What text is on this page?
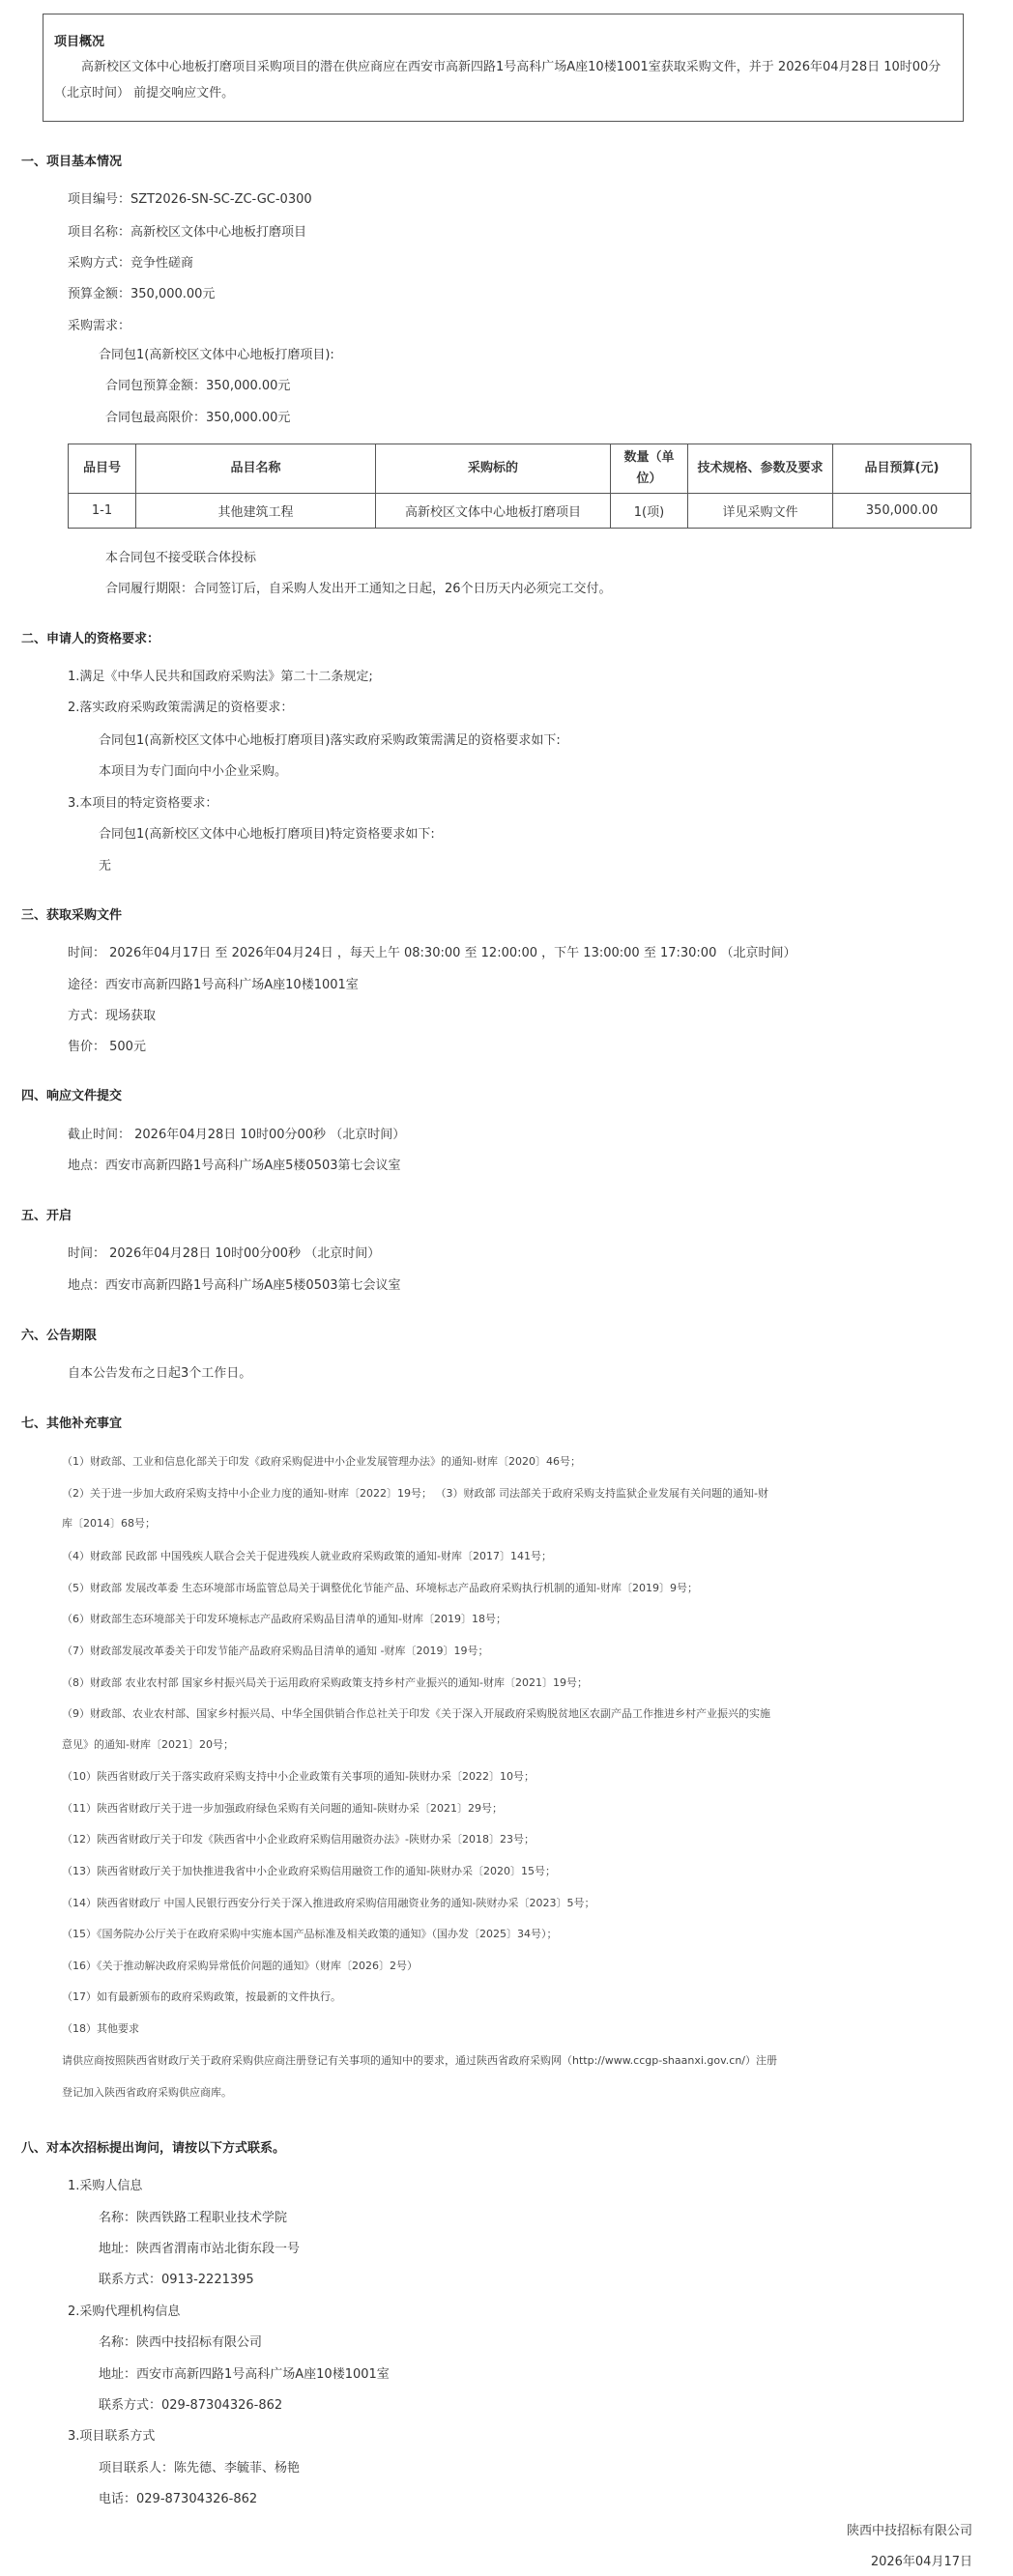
项目概况
高新校区文体中心地板打磨项目采购项目的潜在供应商应在西安市高新四路1号高科广场A座10楼1001室获取采购文件，并于 2026年04月28日 10时00分 （北京时间） 前提交响应文件。
一、项目基本情况
项目编号：SZT2026-SN-SC-ZC-GC-0300
项目名称：高新校区文体中心地板打磨项目
采购方式：竞争性磋商
预算金额：350,000.00元
采购需求：
合同包1(高新校区文体中心地板打磨项目):
合同包预算金额：350,000.00元
合同包最高限价：350,000.00元
品目号	品目名称	采购标的	数量（单位）	技术规格、参数及要求	品目预算(元)
1-1	其他建筑工程	高新校区文体中心地板打磨项目	1(项)	详见采购文件	350,000.00
本合同包不接受联合体投标
合同履行期限：合同签订后，自采购人发出开工通知之日起，26个日历天内必须完工交付。
二、申请人的资格要求：
1.满足《中华人民共和国政府采购法》第二十二条规定;
2.落实政府采购政策需满足的资格要求：
合同包1(高新校区文体中心地板打磨项目)落实政府采购政策需满足的资格要求如下:
本项目为专门面向中小企业采购。
3.本项目的特定资格要求：
合同包1(高新校区文体中心地板打磨项目)特定资格要求如下:
无
三、获取采购文件
时间： 2026年04月17日 至 2026年04月24日 ，每天上午 08:30:00 至 12:00:00 ，下午 13:00:00 至 17:30:00 （北京时间）
途径：西安市高新四路1号高科广场A座10楼1001室
方式：现场获取
售价： 500元
四、响应文件提交
截止时间： 2026年04月28日 10时00分00秒 （北京时间）
地点：西安市高新四路1号高科广场A座5楼0503第七会议室
五、开启
时间： 2026年04月28日 10时00分00秒 （北京时间）
地点：西安市高新四路1号高科广场A座5楼0503第七会议室
六、公告期限
自本公告发布之日起3个工作日。
七、其他补充事宜
（1）财政部、工业和信息化部关于印发《政府采购促进中小企业发展管理办法》的通知-财库〔2020〕46号；
（2）关于进一步加大政府采购支持中小企业力度的通知-财库〔2022〕19号； （3）财政部 司法部关于政府采购支持监狱企业发展有关问题的通知-财
库〔2014〕68号；
（4）财政部 民政部 中国残疾人联合会关于促进残疾人就业政府采购政策的通知-财库〔2017〕141号；
（5）财政部 发展改革委 生态环境部市场监管总局关于调整优化节能产品、环境标志产品政府采购执行机制的通知-财库〔2019〕9号；
（6）财政部生态环境部关于印发环境标志产品政府采购品目清单的通知-财库〔2019〕18号；
（7）财政部发展改革委关于印发节能产品政府采购品目清单的通知 -财库〔2019〕19号；
（8）财政部 农业农村部 国家乡村振兴局关于运用政府采购政策支持乡村产业振兴的通知-财库〔2021〕19号；
（9）财政部、农业农村部、国家乡村振兴局、中华全国供销合作总社关于印发《关于深入开展政府采购脱贫地区农副产品工作推进乡村产业振兴的实施
意见》的通知-财库〔2021〕20号；
（10）陕西省财政厅关于落实政府采购支持中小企业政策有关事项的通知-陕财办采〔2022〕10号；
（11）陕西省财政厅关于进一步加强政府绿色采购有关问题的通知-陕财办采〔2021〕29号；
（12）陕西省财政厅关于印发《陕西省中小企业政府采购信用融资办法》-陕财办采〔2018〕23号；
（13）陕西省财政厅关于加快推进我省中小企业政府采购信用融资工作的通知-陕财办采〔2020〕15号；
（14）陕西省财政厅 中国人民银行西安分行关于深入推进政府采购信用融资业务的通知-陕财办采〔2023〕5号；
（15）《国务院办公厅关于在政府采购中实施本国产品标准及相关政策的通知》（国办发〔2025〕34号）；
（16）《关于推动解决政府采购异常低价问题的通知》（财库〔2026〕2号）
（17）如有最新颁布的政府采购政策，按最新的文件执行。
（18）其他要求
请供应商按照陕西省财政厅关于政府采购供应商注册登记有关事项的通知中的要求，通过陕西省政府采购网（http://www.ccgp-shaanxi.gov.cn/）注册
登记加入陕西省政府采购供应商库。
八、对本次招标提出询问，请按以下方式联系。
1.采购人信息
名称：陕西铁路工程职业技术学院
地址：陕西省渭南市站北街东段一号
联系方式：0913-2221395
2.采购代理机构信息
名称：陕西中技招标有限公司
地址：西安市高新四路1号高科广场A座10楼1001室
联系方式：029-87304326-862
3.项目联系方式
项目联系人：陈先德、李毓菲、杨艳
电话：029-87304326-862
陕西中技招标有限公司
2026年04月17日
